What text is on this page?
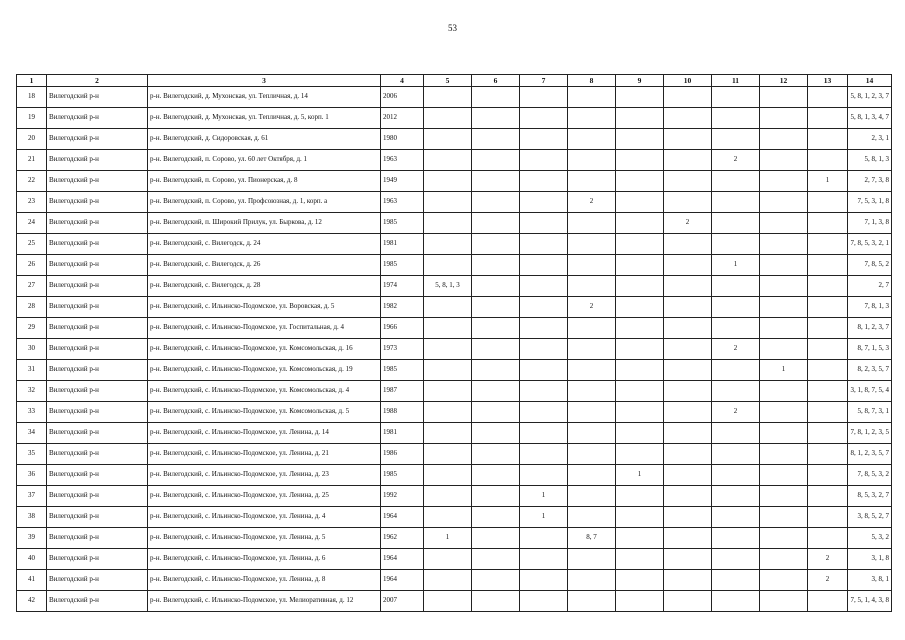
53
1	2	3	4	5	6	7	8	9	10	11	12	13	14
18	Вилегодский р-н	р-н. Вилегодский, д. Мухонская, ул. Тепличная, д. 14	2006										5, 8, 1, 2, 3, 7
19	Вилегодский р-н	р-н. Вилегодский, д. Мухонская, ул. Тепличная, д. 5, корп. 1	2012										5, 8, 1, 3, 4, 7
20	Вилегодский р-н	р-н. Вилегодский, д. Сидоровская, д. 61	1980										2, 3, 1
21	Вилегодский р-н	р-н. Вилегодский, п. Сорово, ул. 60 лет Октября, д. 1	1963							2			5, 8, 1, 3
22	Вилегодский р-н	р-н. Вилегодский, п. Сорово, ул. Пионерская, д. 8	1949									1	2, 7, 3, 8
23	Вилегодский р-н	р-н. Вилегодский, п. Сорово, ул. Профсоюзная, д. 1, корп. а	1963				2						7, 5, 3, 1, 8
24	Вилегодский р-н	р-н. Вилегодский, п. Широкий Прилук, ул. Быркова, д. 12	1985						2				7, 1, 3, 8
25	Вилегодский р-н	р-н. Вилегодский, с. Вилегодск, д. 24	1981										7, 8, 5, 3, 2, 1
26	Вилегодский р-н	р-н. Вилегодский, с. Вилегодск, д. 26	1985							1			7, 8, 5, 2
27	Вилегодский р-н	р-н. Вилегодский, с. Вилегодск, д. 28	1974	5, 8, 1, 3									2, 7
28	Вилегодский р-н	р-н. Вилегодский, с. Ильинско-Подомское, ул. Воровская, д. 5	1982				2						7, 8, 1, 3
29	Вилегодский р-н	р-н. Вилегодский, с. Ильинско-Подомское, ул. Госпитальная, д. 4	1966										8, 1, 2, 3, 7
30	Вилегодский р-н	р-н. Вилегодский, с. Ильинско-Подомское, ул. Комсомольская, д. 16	1973							2			8, 7, 1, 5, 3
31	Вилегодский р-н	р-н. Вилегодский, с. Ильинско-Подомское, ул. Комсомольская, д. 19	1985								1		8, 2, 3, 5, 7
32	Вилегодский р-н	р-н. Вилегодский, с. Ильинско-Подомское, ул. Комсомольская, д. 4	1987										3, 1, 8, 7, 5, 4
33	Вилегодский р-н	р-н. Вилегодский, с. Ильинско-Подомское, ул. Комсомольская, д. 5	1988							2			5, 8, 7, 3, 1
34	Вилегодский р-н	р-н. Вилегодский, с. Ильинско-Подомское, ул. Ленина, д. 14	1981										7, 8, 1, 2, 3, 5
35	Вилегодский р-н	р-н. Вилегодский, с. Ильинско-Подомское, ул. Ленина, д. 21	1986										8, 1, 2, 3, 5, 7
36	Вилегодский р-н	р-н. Вилегодский, с. Ильинско-Подомское, ул. Ленина, д. 23	1985					1					7, 8, 5, 3, 2
37	Вилегодский р-н	р-н. Вилегодский, с. Ильинско-Подомское, ул. Ленина, д. 25	1992			1							8, 5, 3, 2, 7
38	Вилегодский р-н	р-н. Вилегодский, с. Ильинско-Подомское, ул. Ленина, д. 4	1964			1							3, 8, 5, 2, 7
39	Вилегодский р-н	р-н. Вилегодский, с. Ильинско-Подомское, ул. Ленина, д. 5	1962	1			8, 7						5, 3, 2
40	Вилегодский р-н	р-н. Вилегодский, с. Ильинско-Подомское, ул. Ленина, д. 6	1964									2	3, 1, 8
41	Вилегодский р-н	р-н. Вилегодский, с. Ильинско-Подомское, ул. Ленина, д. 8	1964									2	3, 8, 1
42	Вилегодский р-н	р-н. Вилегодский, с. Ильинско-Подомское, ул. Мелиоративная, д. 12	2007										7, 5, 1, 4, 3, 8
